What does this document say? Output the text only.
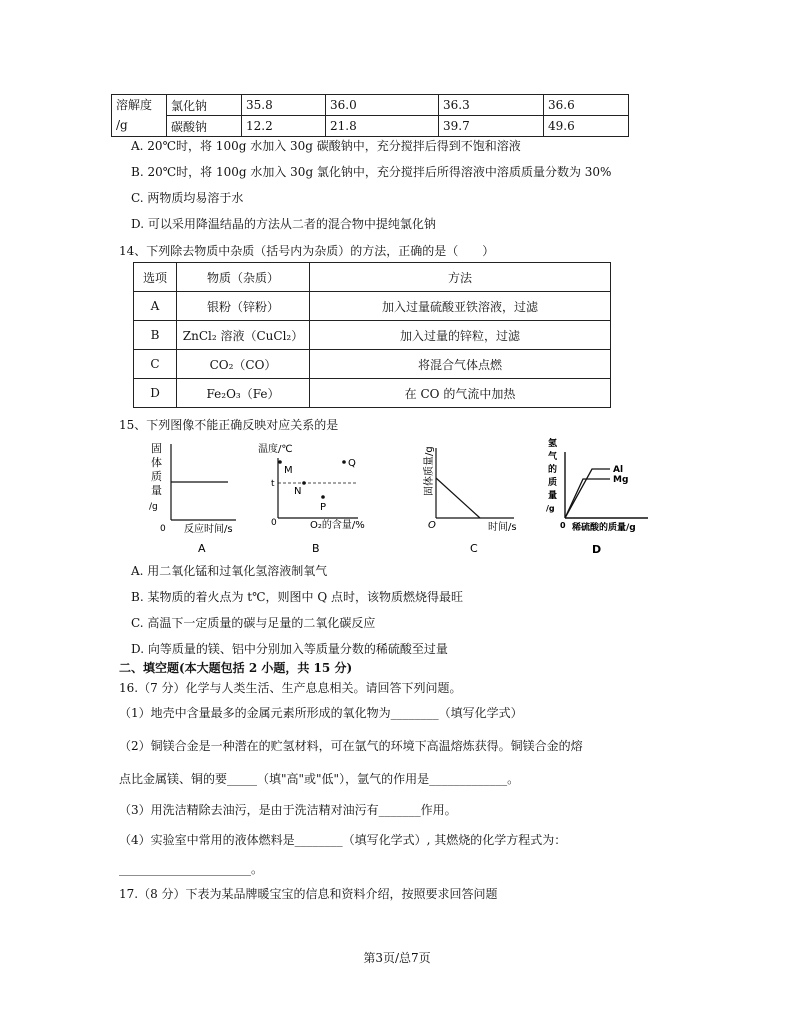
溶解度
/g	氯化钠	35.8	36.0	36.3	36.6
	碳酸钠	12.2	21.8	39.7	49.6
A. 20℃时，将 100g 水加入 30g 碳酸钠中，充分搅拌后得到不饱和溶液
B. 20℃时，将 100g 水加入 30g 氯化钠中，充分搅拌后所得溶液中溶质质量分数为 30%
C. 两物质均易溶于水
D. 可以采用降温结晶的方法从二者的混合物中提纯氯化钠
14、下列除去物质中杂质（括号内为杂质）的方法，正确的是（　　）
选项	物质（杂质）	方法
A	银粉（锌粉）	加入过量硫酸亚铁溶液，过滤
B	ZnCl₂ 溶液（CuCl₂）	加入过量的锌粒，过滤
C	CO₂（CO）	将混合气体点燃
D	Fe₂O₃（Fe）	在 CO 的气流中加热
15、下列图像不能正确反映对应关系的是
固
体
质
量
/g
0 反应时间/s
A
温度/℃
t
M
Q
N
P
0	O₂的含量/%
B
固体质量/g
O	时间/s
C
氢
气
的
质
量
/g
Al
Mg
0 稀硫酸的质量/g
D
A. 用二氧化锰和过氧化氢溶液制氧气
B. 某物质的着火点为 t℃，则图中 Q 点时，该物质燃烧得最旺
C. 高温下一定质量的碳与足量的二氧化碳反应
D. 向等质量的镁、铝中分别加入等质量分数的稀硫酸至过量
二、填空题(本大题包括 2 小题，共 15 分)
16.（7 分）化学与人类生活、生产息息相关。请回答下列问题。
（1）地壳中含量最多的金属元素所形成的氧化物为________（填写化学式）
（2）铜镁合金是一种潜在的贮氢材料，可在氩气的环境下高温熔炼获得。铜镁合金的熔
点比金属镁、铜的要_____（填"高"或"低"），氩气的作用是_____________。
（3）用洗洁精除去油污，是由于洗洁精对油污有_______作用。
（4）实验室中常用的液体燃料是________（填写化学式）, 其燃烧的化学方程式为：
______________________。
17.（8 分）下表为某品牌暖宝宝的信息和资料介绍，按照要求回答问题
第3页/总7页
